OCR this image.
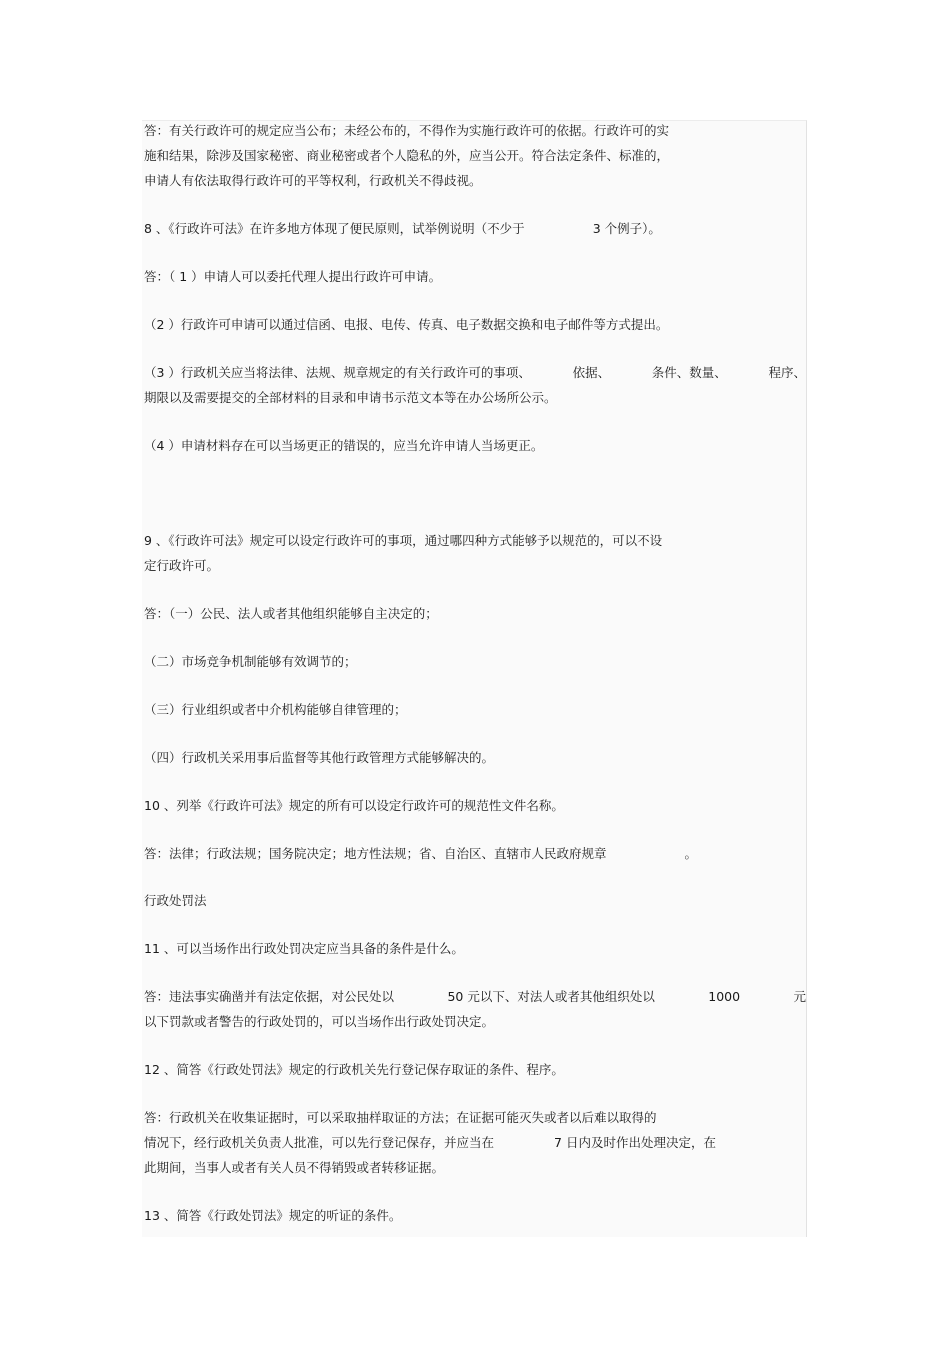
答：有关行政许可的规定应当公布；未经公布的，不得作为实施行政许可的依据。行政许可的实
施和结果，除涉及国家秘密、商业秘密或者个人隐私的外，应当公开。符合法定条件、标准的，
申请人有依法取得行政许可的平等权利，行政机关不得歧视。
8 、《行政许可法》在许多地方体现了便民原则，试举例说明（不少于	3 个例子）。
答：（ 1 ）申请人可以委托代理人提出行政许可申请。
（2 ）行政许可申请可以通过信函、电报、电传、传真、电子数据交换和电子邮件等方式提出。
（3 ）行政机关应当将法律、法规、规章规定的有关行政许可的事项、	依据、	条件、数量、	程序、
期限以及需要提交的全部材料的目录和申请书示范文本等在办公场所公示。
（4 ）申请材料存在可以当场更正的错误的，应当允许申请人当场更正。
9 、《行政许可法》规定可以设定行政许可的事项，通过哪四种方式能够予以规范的，可以不设
定行政许可。
答：（一）公民、法人或者其他组织能够自主决定的；
（二）市场竞争机制能够有效调节的；
（三）行业组织或者中介机构能够自律管理的；
（四）行政机关采用事后监督等其他行政管理方式能够解决的。
10 、列举《行政许可法》规定的所有可以设定行政许可的规范性文件名称。
答：法律；行政法规；国务院决定；地方性法规；省、自治区、直辖市人民政府规章	。
行政处罚法
11 、可以当场作出行政处罚决定应当具备的条件是什么。
答：违法事实确凿并有法定依据，对公民处以	50 元以下、对法人或者其他组织处以	1000	元
以下罚款或者警告的行政处罚的，可以当场作出行政处罚决定。
12 、简答《行政处罚法》规定的行政机关先行登记保存取证的条件、程序。
答：行政机关在收集证据时，可以采取抽样取证的方法；在证据可能灭失或者以后难以取得的
情况下，经行政机关负责人批准，可以先行登记保存，并应当在	7 日内及时作出处理决定，在
此期间，当事人或者有关人员不得销毁或者转移证据。
13 、简答《行政处罚法》规定的听证的条件。
